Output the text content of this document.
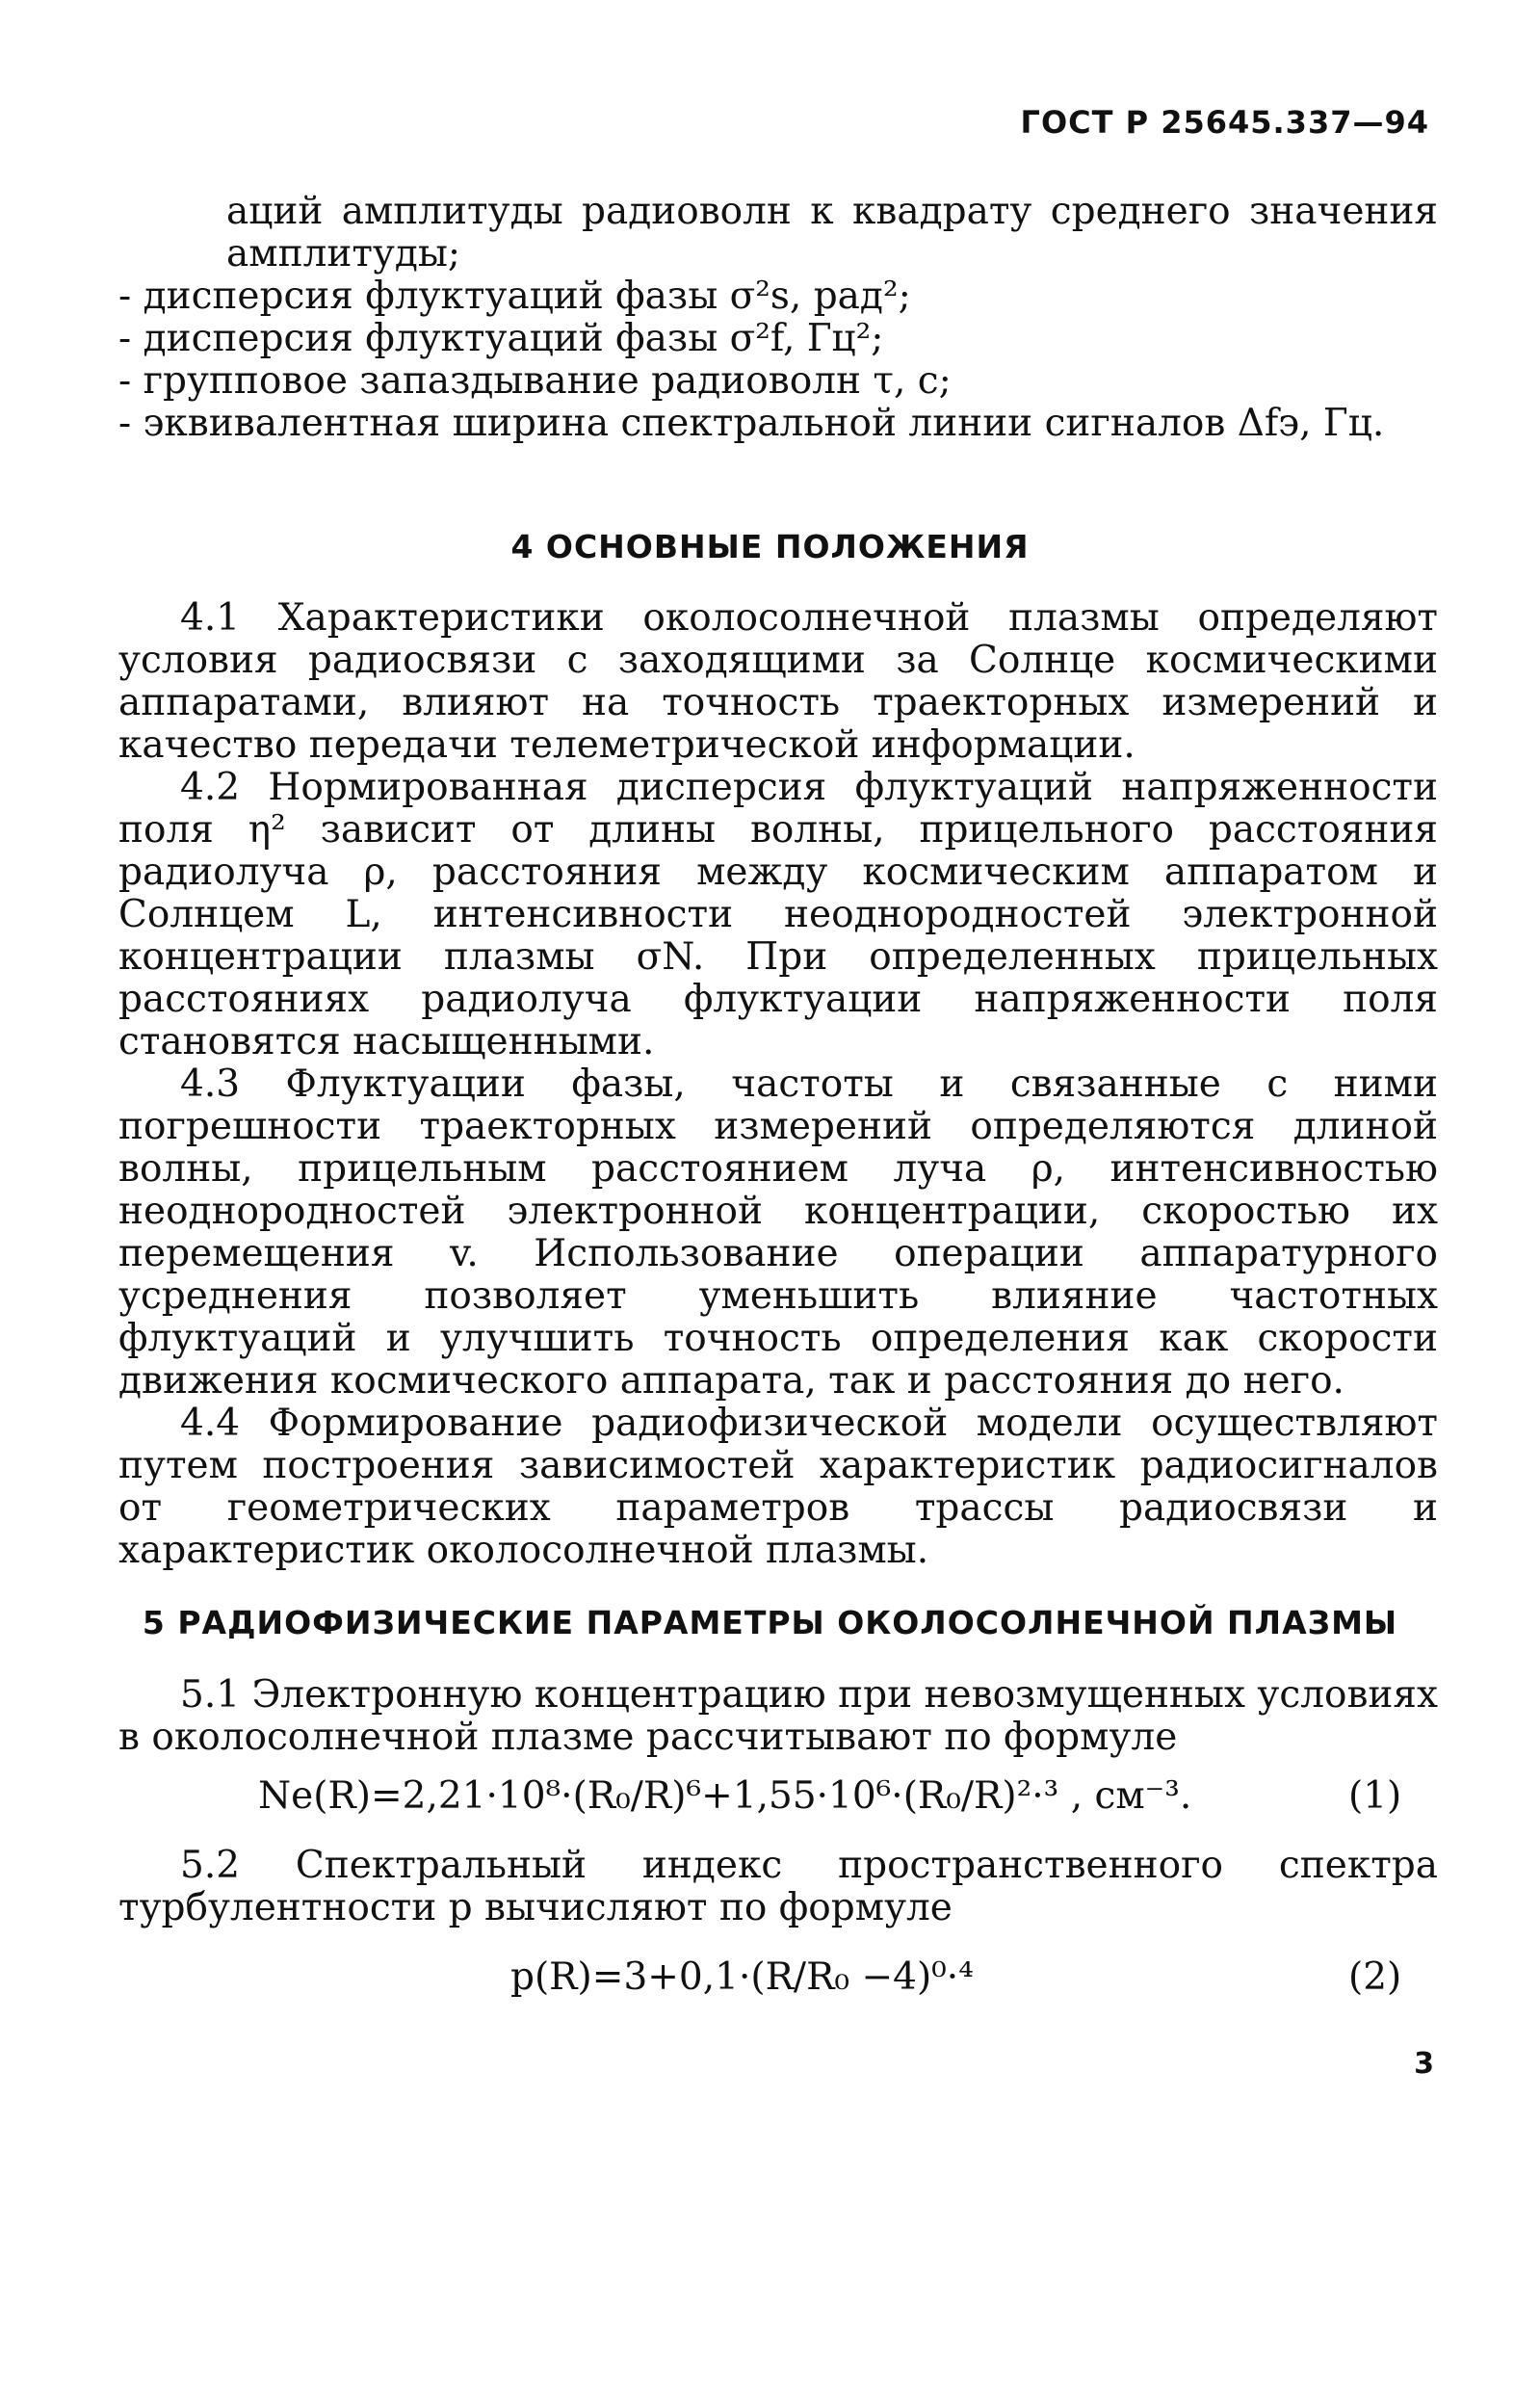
ГОСТ Р 25645.337—94
аций амплитуды радиоволн к квадрату среднего значения
амплитуды;
- дисперсия флуктуаций фазы σ²s, рад²;
- дисперсия флуктуаций фазы σ²f, Гц²;
- групповое запаздывание радиоволн τ, с;
- эквивалентная ширина спектральной линии сигналов Δfэ, Гц.
4 ОСНОВНЫЕ ПОЛОЖЕНИЯ

4.1 Характеристики околосолнечной плазмы определяют условия радиосвязи с заходящими за Солнце космическими аппаратами, влияют на точность траекторных измерений и качество передачи телеметрической информации.

4.2 Нормированная дисперсия флуктуаций напряженности поля η² зависит от длины волны, прицельного расстояния радиолуча ρ, расстояния между космическим аппаратом и Солнцем L, интенсивности неоднородностей электронной концентрации плазмы σN. При определенных прицельных расстояниях радиолуча флуктуации напряженности поля становятся насыщенными.

4.3 Флуктуации фазы, частоты и связанные с ними погрешности траекторных измерений определяются длиной волны, прицельным расстоянием луча ρ, интенсивностью неоднородностей электронной концентрации, скоростью их перемещения v. Использование операции аппаратурного усреднения позволяет уменьшить влияние частотных флуктуаций и улучшить точность определения как скорости движения космического аппарата, так и расстояния до него.

4.4 Формирование радиофизической модели осуществляют путем построения зависимостей характеристик радиосигналов от геометрических параметров трассы радиосвязи и характеристик околосолнечной плазмы.

5 РАДИОФИЗИЧЕСКИЕ ПАРАМЕТРЫ ОКОЛОСОЛНЕЧНОЙ ПЛАЗМЫ

5.1 Электронную концентрацию при невозмущенных условиях в околосолнечной плазме рассчитывают по формуле

Ne(R)=2,21·10⁸·(R₀/R)⁶+1,55·10⁶·(R₀/R)²·³ , см⁻³.	(1)

5.2 Спектральный индекс пространственного спектра турбулентности p вычисляют по формуле

p(R)=3+0,1·(R/R₀ −4)⁰·⁴	(2)
3
